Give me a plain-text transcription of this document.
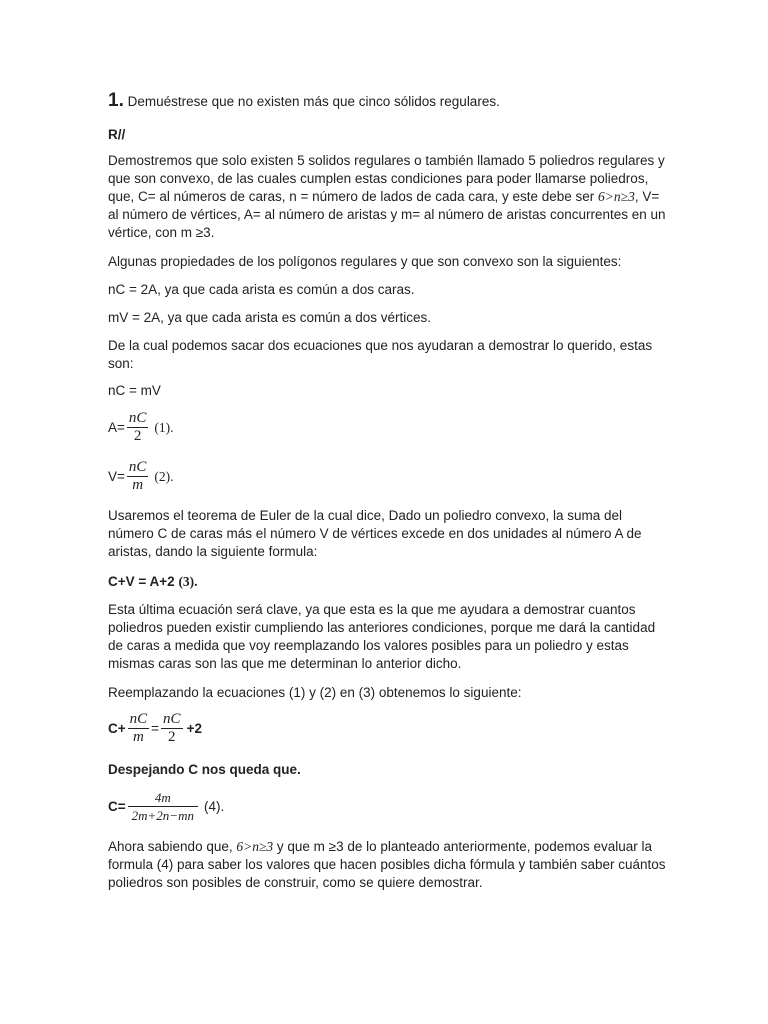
1. Demuéstrese que no existen más que cinco sólidos regulares.

R//

Demostremos que solo existen 5 solidos regulares o también llamado 5 poliedros regulares y que son convexo, de las cuales cumplen estas condiciones para poder llamarse poliedros, que, C= al números de caras, n = número de lados de cada cara, y este debe ser 6>n≥3, V= al número de vértices, A= al número de aristas y m= al número de aristas concurrentes en un vértice, con m ≥3.

Algunas propiedades de los polígonos regulares y que son convexo son la siguientes:

nC = 2A, ya que cada arista es común a dos caras.

mV = 2A, ya que cada arista es común a dos vértices.

De la cual podemos sacar dos ecuaciones que nos ayudaran a demostrar lo querido, estas son:

nC = mV

$A= \frac{nC}{2} (1)$.
$V= \frac{nC}{m} (2)$.

Usaremos el teorema de Euler de la cual dice, Dado un poliedro convexo, la suma del número C de caras más el número V de vértices excede en dos unidades al número A de aristas, dando la siguiente formula:

C+V = A+2 (3).

Esta última ecuación será clave, ya que esta es la que me ayudara a demostrar cuantos poliedros pueden existir cumpliendo las anteriores condiciones, porque me dará la cantidad de caras a medida que voy reemplazando los valores posibles para un poliedro y estas mismas caras son las que me determinan lo anterior dicho.

Reemplazando la ecuaciones (1) y (2) en (3) obtenemos lo siguiente:

$C+ \frac{nC}{m} = \frac{nC}{2} +2$

Despejando C nos queda que.

$C= \frac{4m}{2m+2n-mn} (4)$.

Ahora sabiendo que, 6>n≥3 y que m ≥3 de lo planteado anteriormente, podemos evaluar la formula (4) para saber los valores que hacen posibles dicha fórmula y también saber cuántos poliedros son posibles de construir, como se quiere demostrar.
